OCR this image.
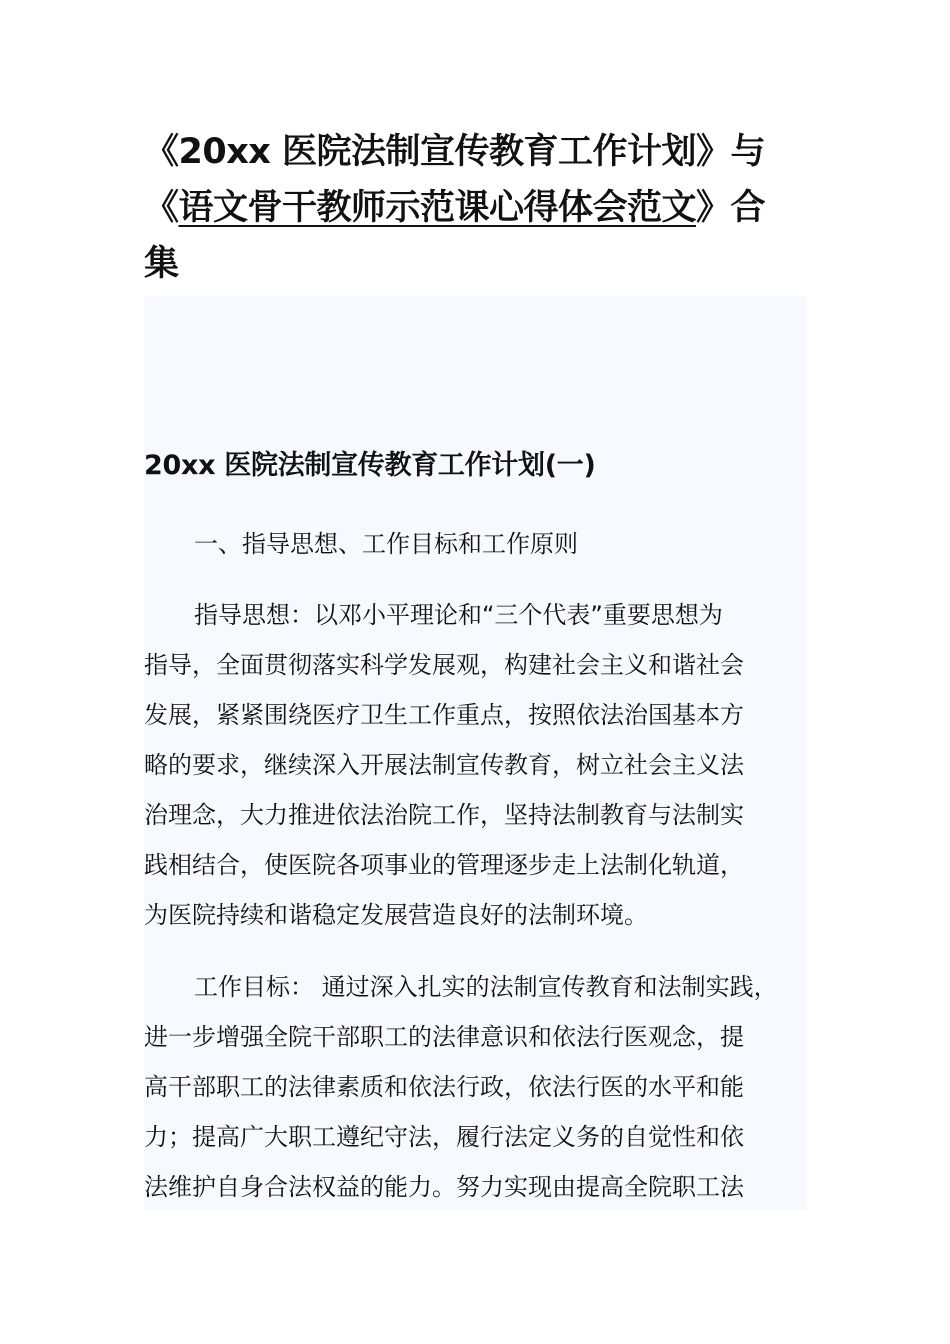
《20xx 医院法制宣传教育工作计划》与
《语文骨干教师示范课心得体会范文》合
集
20xx 医院法制宣传教育工作计划(一)

一、指导思想、工作目标和工作原则

指导思想：以邓小平理论和“三个代表”重要思想为
指导，全面贯彻落实科学发展观，构建社会主义和谐社会
发展，紧紧围绕医疗卫生工作重点，按照依法治国基本方
略的要求，继续深入开展法制宣传教育，树立社会主义法
治理念，大力推进依法治院工作，坚持法制教育与法制实
践相结合，使医院各项事业的管理逐步走上法制化轨道，
为医院持续和谐稳定发展营造良好的法制环境。

工作目标： 通过深入扎实的法制宣传教育和法制实践，
进一步增强全院干部职工的法律意识和依法行医观念，提
高干部职工的法律素质和依法行政，依法行医的水平和能
力；提高广大职工遵纪守法，履行法定义务的自觉性和依
法维护自身合法权益的能力。努力实现由提高全院职工法
